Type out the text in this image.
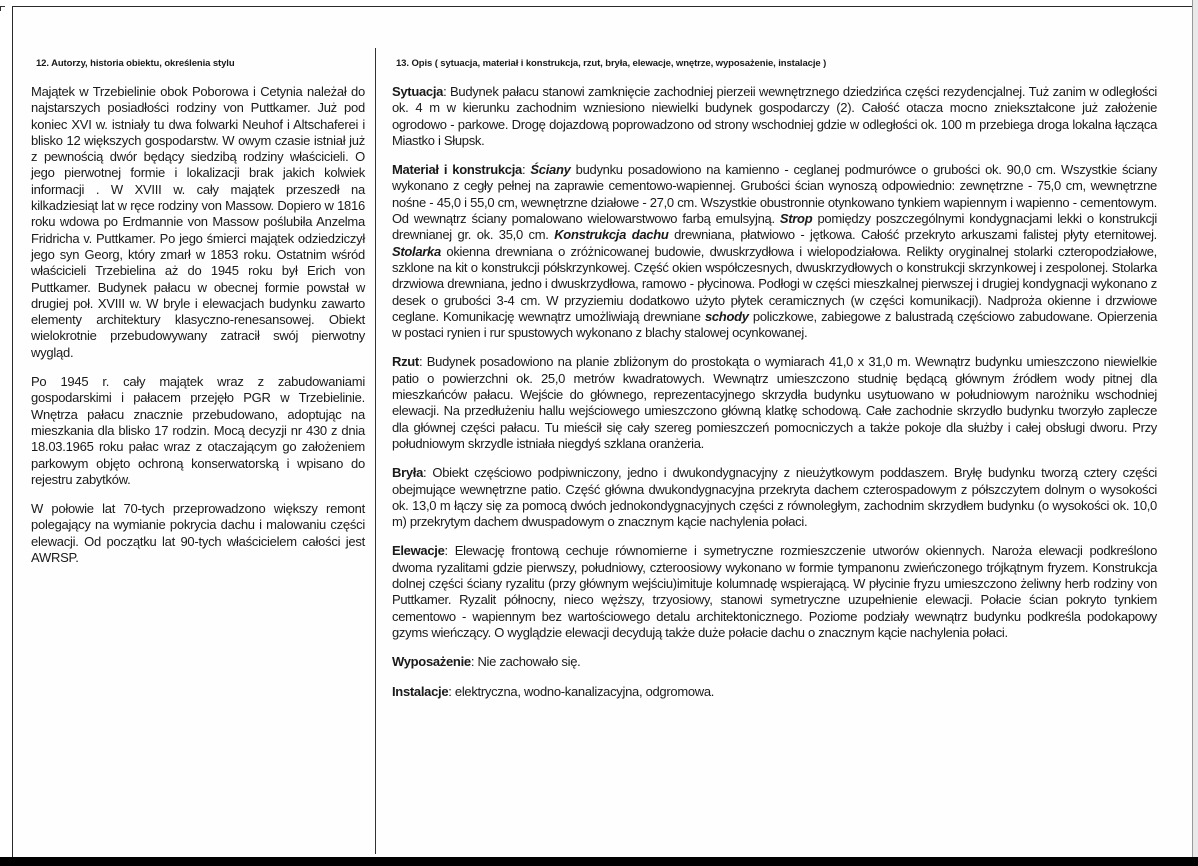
12. Autorzy, historia obiektu, określenia stylu

Majątek w Trzebielinie obok Poborowa i Cetynia należał do najstarszych posiadłości rodziny von Puttkamer. Już pod koniec XVI w. istniały tu dwa folwarki Neuhof i Altschaferei i blisko 12 większych gospodarstw. W owym czasie istniał już z pewnością dwór będący siedzibą rodziny właścicieli. O jego pierwotnej formie i lokalizacji brak jakich kolwiek informacji . W XVIII w. cały majątek przeszedł na kilkadziesiąt lat w ręce rodziny von Massow. Dopiero w 1816 roku wdowa po Erdmannie von Massow poślubiła Anzelma Fridricha v. Puttkamer. Po jego śmierci majątek odziedziczył jego syn Georg, który zmarł w 1853 roku. Ostatnim wśród właścicieli Trzebielina aż do 1945 roku był Erich von Puttkamer. Budynek pałacu w obecnej formie powstał w drugiej poł. XVIII w. W bryle i elewacjach budynku zawarto elementy architektury klasyczno-renesansowej. Obiekt wielokrotnie przebudowywany zatracił swój pierwotny wygląd.

Po 1945 r. cały majątek wraz z zabudowaniami gospodarskimi i pałacem przejęło PGR w Trzebielinie. Wnętrza pałacu znacznie przebudowano, adoptując na mieszkania dla blisko 17 rodzin. Mocą decyzji nr 430 z dnia 18.03.1965 roku pałac wraz z otaczającym go założeniem parkowym objęto ochroną konserwatorską i wpisano do rejestru zabytków.

W połowie lat 70-tych przeprowadzono większy remont polegający na wymianie pokrycia dachu i malowaniu części elewacji. Od początku lat 90-tych właścicielem całości jest AWRSP.

13. Opis ( sytuacja, materiał i konstrukcja, rzut, bryła, elewacje, wnętrze, wyposażenie, instalacje )

Sytuacja: Budynek pałacu stanowi zamknięcie zachodniej pierzeii wewnętrznego dziedzińca części rezydencjalnej. Tuż zanim w odległości ok. 4 m w kierunku zachodnim wzniesiono niewielki budynek gospodarczy (2). Całość otacza mocno zniekształcone już założenie ogrodowo - parkowe. Drogę dojazdową poprowadzono od strony wschodniej gdzie w odległości ok. 100 m przebiega droga lokalna łącząca Miastko i Słupsk.

Materiał i konstrukcja: Ściany budynku posadowiono na kamienno - ceglanej podmurówce o grubości ok. 90,0 cm. Wszystkie ściany wykonano z cegły pełnej na zaprawie cementowo-wapiennej. Grubości ścian wynoszą odpowiednio: zewnętrzne - 75,0 cm, wewnętrzne nośne - 45,0 i 55,0 cm, wewnętrzne działowe - 27,0 cm. Wszystkie obustronnie otynkowano tynkiem wapiennym i wapienno - cementowym. Od wewnątrz ściany pomalowano wielowarstwowo farbą emulsyjną. Strop pomiędzy poszczególnymi kondygnacjami lekki o konstrukcji drewnianej gr. ok. 35,0 cm. Konstrukcja dachu drewniana, płatwiowo - jętkowa. Całość przekryto arkuszami falistej płyty eternitowej. Stolarka okienna drewniana o zróżnicowanej budowie, dwuskrzydłowa i wielopodziałowa. Relikty oryginalnej stolarki czteropodziałowe, szklone na kit o konstrukcji półskrzynkowej. Część okien współczesnych, dwuskrzydłowych o konstrukcji skrzynkowej i zespolonej. Stolarka drzwiowa drewniana, jedno i dwuskrzydłowa, ramowo - płycinowa. Podłogi w części mieszkalnej pierwszej i drugiej kondygnacji wykonano z desek o grubości 3-4 cm. W przyziemiu dodatkowo użyto płytek ceramicznych (w części komunikacji). Nadproża okienne i drzwiowe ceglane. Komunikację wewnątrz umożliwiają drewniane schody policzkowe, zabiegowe z balustradą częściowo zabudowane. Opierzenia w postaci rynien i rur spustowych wykonano z blachy stalowej ocynkowanej.

Rzut: Budynek posadowiono na planie zbliżonym do prostokąta o wymiarach 41,0 x 31,0 m. Wewnątrz budynku umieszczono niewielkie patio o powierzchni ok. 25,0 metrów kwadratowych. Wewnątrz umieszczono studnię będącą głównym źródłem wody pitnej dla mieszkańców pałacu. Wejście do głównego, reprezentacyjnego skrzydła budynku usytuowano w południowym narożniku wschodniej elewacji. Na przedłużeniu hallu wejściowego umieszczono główną klatkę schodową. Całe zachodnie skrzydło budynku tworzyło zaplecze dla głównej części pałacu. Tu mieścił się cały szereg pomieszczeń pomocniczych a także pokoje dla służby i całej obsługi dworu. Przy południowym skrzydle istniała niegdyś szklana oranżeria.

Bryła: Obiekt częściowo podpiwniczony, jedno i dwukondygnacyjny z nieużytkowym poddaszem. Bryłę budynku tworzą cztery części obejmujące wewnętrzne patio. Część główna dwukondygnacyjna przekryta dachem czterospadowym z półszczytem dolnym o wysokości ok. 13,0 m łączy się za pomocą dwóch jednokondygnacyjnych części z równoległym, zachodnim skrzydłem budynku (o wysokości ok. 10,0 m) przekrytym dachem dwuspadowym o znacznym kącie nachylenia połaci.

Elewacje: Elewację frontową cechuje równomierne i symetryczne rozmieszczenie utworów okiennych. Naroża elewacji podkreślono dwoma ryzalitami gdzie pierwszy, południowy, czteroosiowy wykonano w formie tympanonu zwieńczonego trójkątnym fryzem. Konstrukcja dolnej części ściany ryzalitu (przy głównym wejściu)imituje kolumnadę wspierającą. W płycinie fryzu umieszczono żeliwny herb rodziny von Puttkamer. Ryzalit północny, nieco węższy, trzyosiowy, stanowi symetryczne uzupełnienie elewacji. Połacie ścian pokryto tynkiem cementowo - wapiennym bez wartościowego detalu architektonicznego. Poziome podziały wewnątrz budynku podkreśla podokapowy gzyms wieńczący. O wyglądzie elewacji decydują także duże połacie dachu o znacznym kącie nachylenia połaci.

Wyposażenie: Nie zachowało się.

Instalacje: elektryczna, wodno-kanalizacyjna, odgromowa.
